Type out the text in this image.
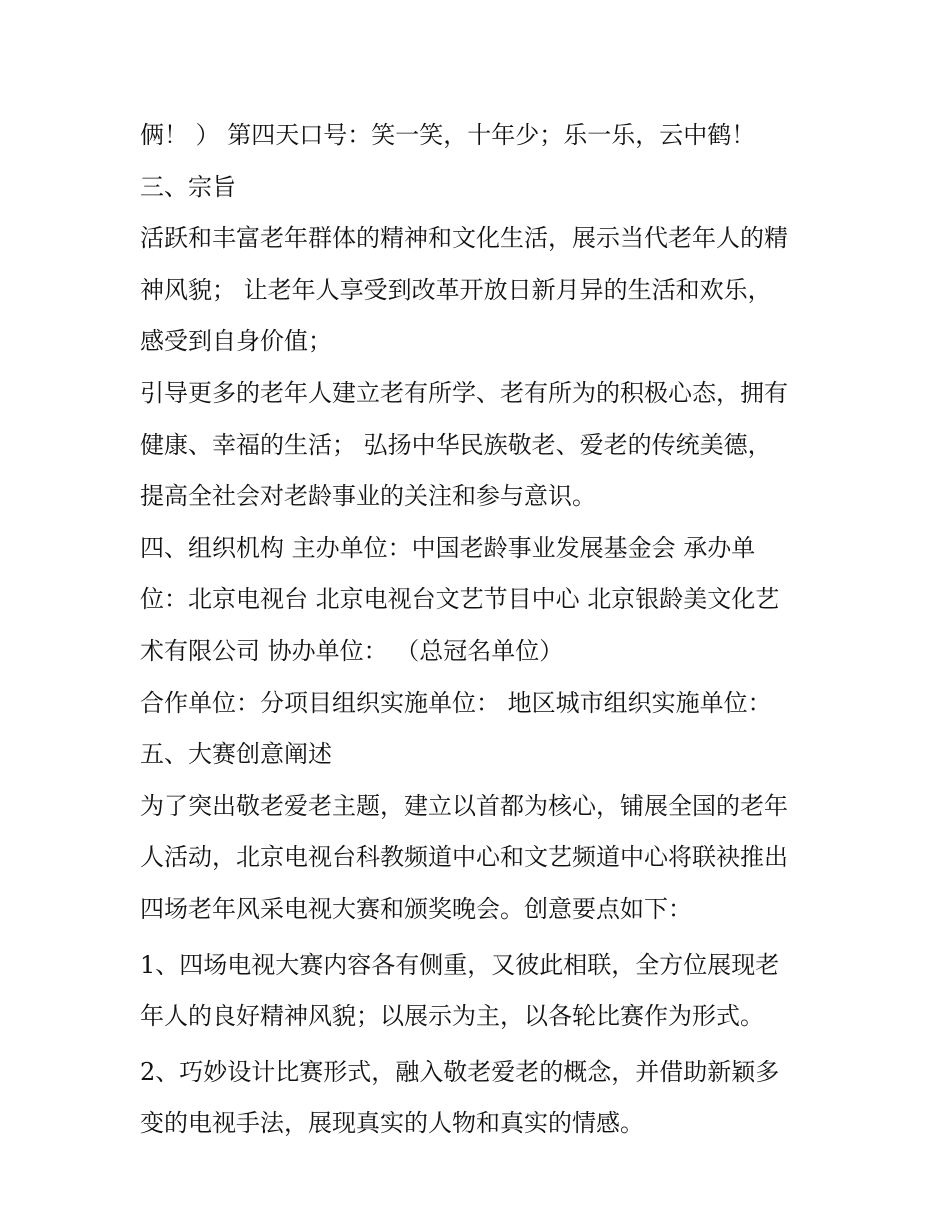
俩！ ） 第四天口号：笑一笑，十年少；乐一乐，云中鹤！

三、宗旨

活跃和丰富老年群体的精神和文化生活，展示当代老年人的精

神风貌； 让老年人享受到改革开放日新月异的生活和欢乐，

感受到自身价值；

引导更多的老年人建立老有所学、老有所为的积极心态，拥有

健康、幸福的生活； 弘扬中华民族敬老、爱老的传统美德，

提高全社会对老龄事业的关注和参与意识。

四、组织机构 主办单位：中国老龄事业发展基金会 承办单

位：北京电视台 北京电视台文艺节目中心 北京银龄美文化艺

术有限公司 协办单位： （总冠名单位）

合作单位：分项目组织实施单位： 地区城市组织实施单位：

五、大赛创意阐述

为了突出敬老爱老主题，建立以首都为核心，铺展全国的老年

人活动，北京电视台科教频道中心和文艺频道中心将联袂推出

四场老年风采电视大赛和颁奖晚会。创意要点如下：

1、四场电视大赛内容各有侧重，又彼此相联，全方位展现老

年人的良好精神风貌；以展示为主，以各轮比赛作为形式。

2、巧妙设计比赛形式，融入敬老爱老的概念，并借助新颖多

变的电视手法，展现真实的人物和真实的情感。
